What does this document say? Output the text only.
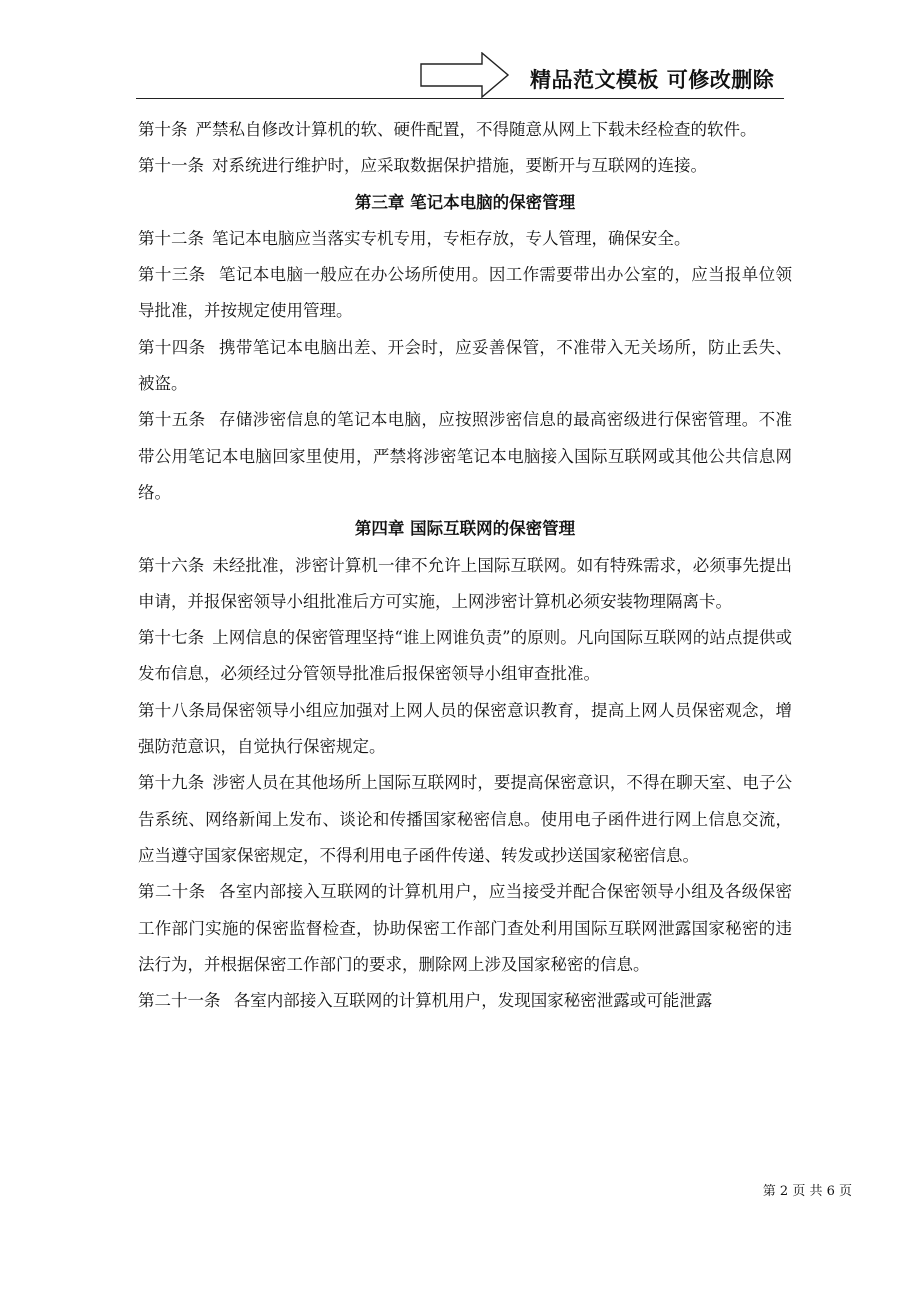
精品范文模板 可修改删除

第十条 严禁私自修改计算机的软、硬件配置，不得随意从网上下载未经检查的软件。

第十一条 对系统进行维护时，应采取数据保护措施，要断开与互联网的连接。

第三章 笔记本电脑的保密管理

第十二条 笔记本电脑应当落实专机专用，专柜存放，专人管理，确保安全。

第十三条 笔记本电脑一般应在办公场所使用。因工作需要带出办公室的，应当报单位领导批准，并按规定使用管理。

第十四条 携带笔记本电脑出差、开会时，应妥善保管，不准带入无关场所，防止丢失、被盗。

第十五条 存储涉密信息的笔记本电脑，应按照涉密信息的最高密级进行保密管理。不准带公用笔记本电脑回家里使用，严禁将涉密笔记本电脑接入国际互联网或其他公共信息网络。

第四章 国际互联网的保密管理

第十六条 未经批准，涉密计算机一律不允许上国际互联网。如有特殊需求，必须事先提出申请，并报保密领导小组批准后方可实施，上网涉密计算机必须安装物理隔离卡。

第十七条 上网信息的保密管理坚持“谁上网谁负责”的原则。凡向国际互联网的站点提供或发布信息，必须经过分管领导批准后报保密领导小组审查批准。

第十八条局保密领导小组应加强对上网人员的保密意识教育，提高上网人员保密观念，增强防范意识，自觉执行保密规定。

第十九条 涉密人员在其他场所上国际互联网时，要提高保密意识，不得在聊天室、电子公告系统、网络新闻上发布、谈论和传播国家秘密信息。使用电子函件进行网上信息交流，应当遵守国家保密规定，不得利用电子函件传递、转发或抄送国家秘密信息。

第二十条 各室内部接入互联网的计算机用户，应当接受并配合保密领导小组及各级保密工作部门实施的保密监督检查，协助保密工作部门查处利用国际互联网泄露国家秘密的违法行为，并根据保密工作部门的要求，删除网上涉及国家秘密的信息。

第二十一条 各室内部接入互联网的计算机用户，发现国家秘密泄露或可能泄露

第 2 页 共 6 页
